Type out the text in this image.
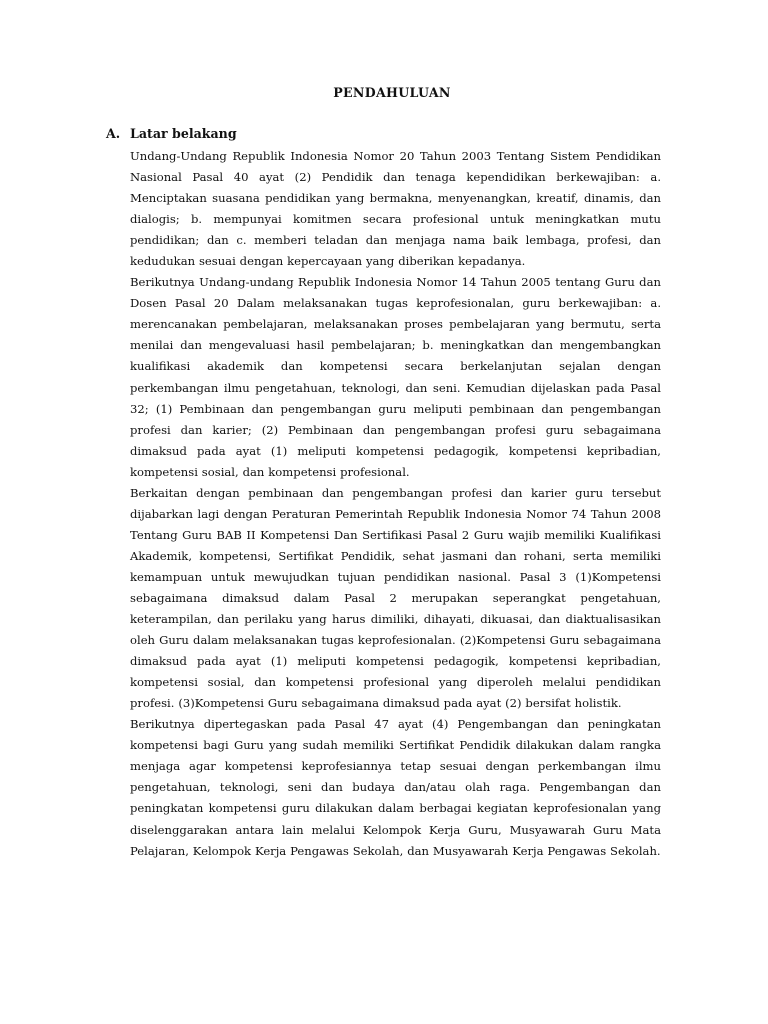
PENDAHULUAN
A. Latar belakang

Undang-Undang Republik Indonesia Nomor 20 Tahun 2003 Tentang Sistem Pendidikan Nasional Pasal 40 ayat (2) Pendidik dan tenaga kependidikan berkewajiban: a. Menciptakan suasana pendidikan yang bermakna, menyenangkan, kreatif, dinamis, dan dialogis; b. mempunyai komitmen secara profesional untuk meningkatkan mutu pendidikan; dan c. memberi teladan dan menjaga nama baik lembaga, profesi, dan kedudukan sesuai dengan kepercayaan yang diberikan kepadanya.

Berikutnya Undang-undang Republik Indonesia Nomor 14 Tahun 2005 tentang Guru dan Dosen Pasal 20 Dalam melaksanakan tugas keprofesionalan, guru berkewajiban: a. merencanakan pembelajaran, melaksanakan proses pembelajaran yang bermutu, serta menilai dan mengevaluasi hasil pembelajaran; b. meningkatkan dan mengembangkan kualifikasi akademik dan kompetensi secara berkelanjutan sejalan dengan perkembangan ilmu pengetahuan, teknologi, dan seni. Kemudian dijelaskan pada Pasal 32; (1) Pembinaan dan pengembangan guru meliputi pembinaan dan pengembangan profesi dan karier; (2) Pembinaan dan pengembangan profesi guru sebagaimana dimaksud pada ayat (1) meliputi kompetensi pedagogik, kompetensi kepribadian, kompetensi sosial, dan kompetensi profesional.

Berkaitan dengan pembinaan dan pengembangan profesi dan karier guru tersebut dijabarkan lagi dengan Peraturan Pemerintah Republik Indonesia Nomor 74 Tahun 2008 Tentang Guru BAB II Kompetensi Dan Sertifikasi Pasal 2 Guru wajib memiliki Kualifikasi Akademik, kompetensi, Sertifikat Pendidik, sehat jasmani dan rohani, serta memiliki kemampuan untuk mewujudkan tujuan pendidikan nasional. Pasal 3 (1)Kompetensi sebagaimana dimaksud dalam Pasal 2 merupakan seperangkat pengetahuan, keterampilan, dan perilaku yang harus dimiliki, dihayati, dikuasai, dan diaktualisasikan oleh Guru dalam melaksanakan tugas keprofesionalan. (2)Kompetensi Guru sebagaimana dimaksud pada ayat (1) meliputi kompetensi pedagogik, kompetensi kepribadian, kompetensi sosial, dan kompetensi profesional yang diperoleh melalui pendidikan profesi. (3)Kompetensi Guru sebagaimana dimaksud pada ayat (2) bersifat holistik.

Berikutnya dipertegaskan pada Pasal 47 ayat (4) Pengembangan dan peningkatan kompetensi bagi Guru yang sudah memiliki Sertifikat Pendidik dilakukan dalam rangka menjaga agar kompetensi keprofesiannya tetap sesuai dengan perkembangan ilmu pengetahuan, teknologi, seni dan budaya dan/atau olah raga. Pengembangan dan peningkatan kompetensi guru dilakukan dalam berbagai kegiatan keprofesionalan yang diselenggarakan antara lain melalui Kelompok Kerja Guru, Musyawarah Guru Mata Pelajaran, Kelompok Kerja Pengawas Sekolah, dan Musyawarah Kerja Pengawas Sekolah.
